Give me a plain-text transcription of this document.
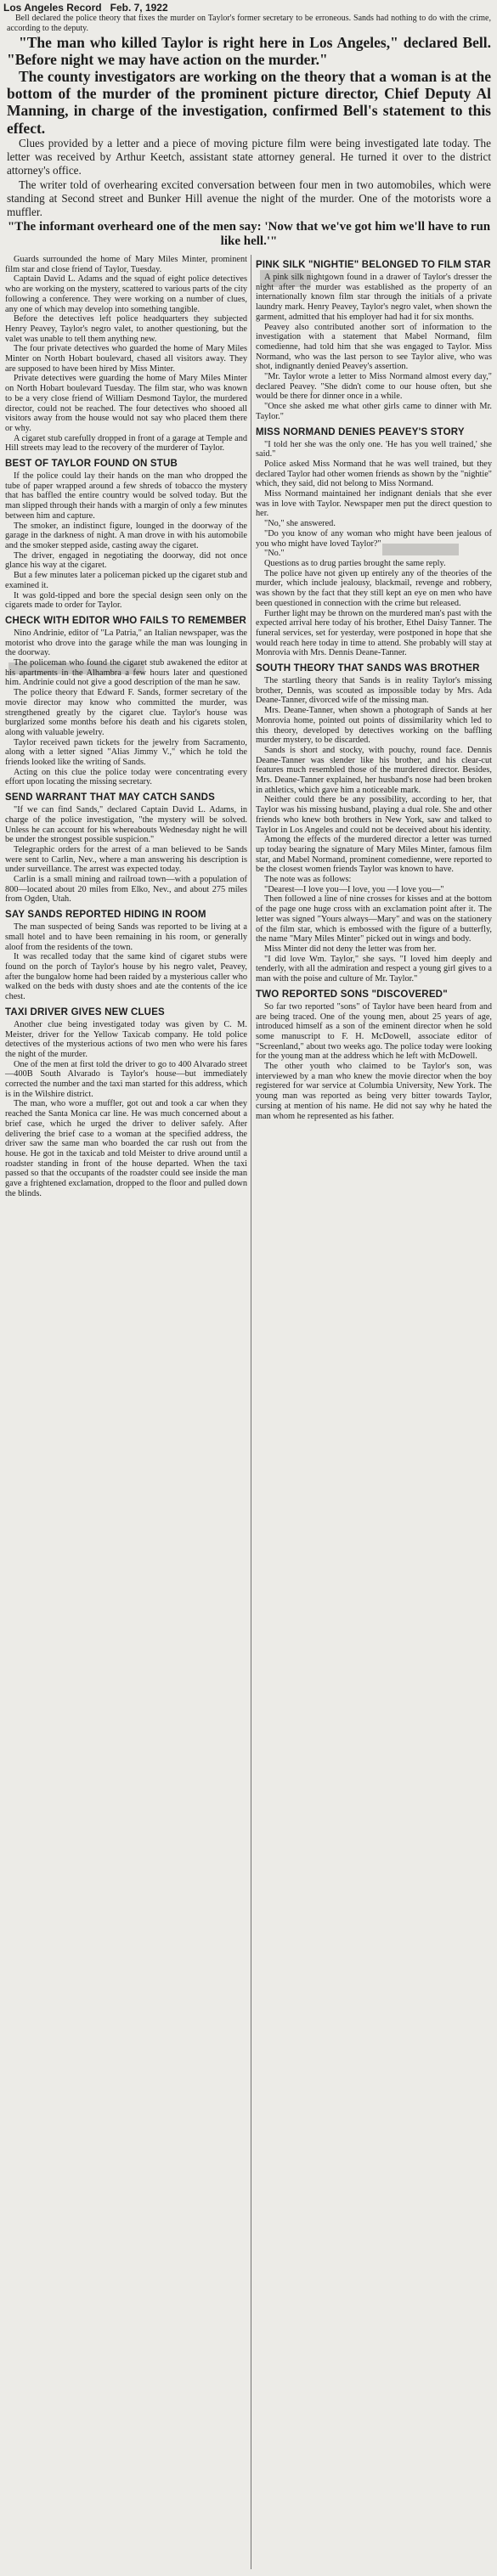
Los Angeles Record Feb. 7, 1922

Bell declared the police theory that fixes the murder on Taylor's former secretary to be erroneous. Sands had nothing to do with the crime, according to the deputy.

"The man who killed Taylor is right here in Los Angeles," declared Bell. "Before night we may have action on the murder."

The county investigators are working on the theory that a woman is at the bottom of the murder of the prominent picture director, Chief Deputy Al Manning, in charge of the investigation, confirmed Bell's statement to this effect.

Clues provided by a letter and a piece of moving picture film were being investigated late today. The letter was received by Arthur Keetch, assistant state attorney general. He turned it over to the district attorney's office.

The writer told of overhearing excited conversation between four men in two automobiles, which were standing at Second street and Bunker Hill avenue the night of the murder. One of the motorists wore a muffler.

"The informant overheard one of the men say: 'Now that we've got him we'll have to run like hell.'"

Guards surrounded the home of Mary Miles Minter, prominent film star and close friend of Taylor, Tuesday.

Captain David L. Adams and the squad of eight police detectives who are working on the mystery, scattered to various parts of the city following a conference. They were working on a number of clues, any one of which may develop into something tangible.

Before the detectives left police headquarters they subjected Henry Peavey, Taylor's negro valet, to another questioning, but the valet was unable to tell them anything new.

The four private detectives who guarded the home of Mary Miles Minter on North Hobart boulevard, chased all visitors away. They are supposed to have been hired by Miss Minter.

Private detectives were guarding the home of Mary Miles Minter on North Hobart boulevard Tuesday. The film star, who was known to be a very close friend of William Desmond Taylor, the murdered director, could not be reached. The four detectives who shooed all visitors away from the house would not say who placed them there or why.

A cigaret stub carefully dropped in front of a garage at Temple and Hill streets may lead to the recovery of the murderer of Taylor.

BEST OF TAYLOR FOUND ON STUB

If the police could lay their hands on the man who dropped the tube of paper wrapped around a few shreds of tobacco the mystery that has baffled the entire country would be solved today. But the man slipped through their hands with a margin of only a few minutes between him and capture.

The smoker, an indistinct figure, lounged in the doorway of the garage in the darkness of night. A man drove in with his automobile and the smoker stepped aside, casting away the cigaret.

The driver, engaged in negotiating the doorway, did not once glance his way at the cigaret.

But a few minutes later a policeman picked up the cigaret stub and examined it.

It was gold-tipped and bore the special design seen only on the cigarets made to order for Taylor.

CHECK WITH EDITOR WHO FAILS TO REMEMBER

Nino Andrinie, editor of "La Patria," an Italian newspaper, was the motorist who drove into the garage while the man was lounging in the doorway.

The policeman who found the cigaret stub awakened the editor at his apartments in the Alhambra a few hours later and questioned him. Andrinie could not give a good description of the man he saw.

The police theory that Edward F. Sands, former secretary of the movie director may know who committed the murder, was strengthened greatly by the cigaret clue. Taylor's house was burglarized some months before his death and his cigarets stolen, along with valuable jewelry.

Taylor received pawn tickets for the jewelry from Sacramento, along with a letter signed "Alias Jimmy V.," which he told the friends looked like the writing of Sands.

Acting on this clue the police today were concentrating every effort upon locating the missing secretary.

SEND WARRANT THAT MAY CATCH SANDS

"If we can find Sands," declared Captain David L. Adams, in charge of the police investigation, "the mystery will be solved. Unless he can account for his whereabouts Wednesday night he will be under the strongest possible suspicion."

Telegraphic orders for the arrest of a man believed to be Sands were sent to Carlin, Nev., where a man answering his description is under surveillance. The arrest was expected today.

Carlin is a small mining and railroad town—with a population of 800—located about 20 miles from Elko, Nev., and about 275 miles from Ogden, Utah.

SAY SANDS REPORTED HIDING IN ROOM

The man suspected of being Sands was reported to be living at a small hotel and to have been remaining in his room, or generally aloof from the residents of the town.

It was recalled today that the same kind of cigaret stubs were found on the porch of Taylor's house by his negro valet, Peavey, after the bungalow home had been raided by a mysterious caller who walked on the beds with dusty shoes and ate the contents of the ice chest.

TAXI DRIVER GIVES NEW CLUES

Another clue being investigated today was given by C. M. Meister, driver for the Yellow Taxicab company. He told police detectives of the mysterious actions of two men who were his fares the night of the murder.

One of the men at first told the driver to go to 400 Alvarado street—400B South Alvarado is Taylor's house—but immediately corrected the number and the taxi man started for this address, which is in the Wilshire district.

The man, who wore a muffler, got out and took a car when they reached the Santa Monica car line. He was much concerned about a brief case, which he urged the driver to deliver safely. After delivering the brief case to a woman at the specified address, the driver saw the same man who boarded the car rush out from the house. He got in the taxicab and told Meister to drive around until a roadster standing in front of the house departed. When the taxi passed so that the occupants of the roadster could see inside the man gave a frightened exclamation, dropped to the floor and pulled down the blinds.

PINK SILK "NIGHTIE" BELONGED TO FILM STAR

A pink silk nightgown found in a drawer of Taylor's dresser the night after the murder was established as the property of an internationally known film star through the initials of a private laundry mark. Henry Peavey, Taylor's negro valet, when shown the garment, admitted that his employer had had it for six months.

Peavey also contributed another sort of information to the investigation with a statement that Mabel Normand, film comedienne, had told him that she was engaged to Taylor. Miss Normand, who was the last person to see Taylor alive, who was shot, indignantly denied Peavey's assertion.

"Mr. Taylor wrote a letter to Miss Normand almost every day," declared Peavey. "She didn't come to our house often, but she would be there for dinner once in a while.

"Once she asked me what other girls came to dinner with Mr. Taylor."

MISS NORMAND DENIES PEAVEY'S STORY

"I told her she was the only one. 'He has you well trained,' she said."

Police asked Miss Normand that he was well trained, but they declared Taylor had other women friends as shown by the "nightie" which, they said, did not belong to Miss Normand.

Miss Normand maintained her indignant denials that she ever was in love with Taylor. Newspaper men put the direct question to her.

"No," she answered.

"Do you know of any woman who might have been jealous of you who might have loved Taylor?"

"No."

Questions as to drug parties brought the same reply.

The police have not given up entirely any of the theories of the murder, which include jealousy, blackmail, revenge and robbery, was shown by the fact that they still kept an eye on men who have been questioned in connection with the crime but released.

Further light may be thrown on the murdered man's past with the expected arrival here today of his brother, Ethel Daisy Tanner. The funeral services, set for yesterday, were postponed in hope that she would reach here today in time to attend. She probably will stay at Monrovia with Mrs. Dennis Deane-Tanner.

SOUTH THEORY THAT SANDS WAS BROTHER

The startling theory that Sands is in reality Taylor's missing brother, Dennis, was scouted as impossible today by Mrs. Ada Deane-Tanner, divorced wife of the missing man.

Mrs. Deane-Tanner, when shown a photograph of Sands at her Monrovia home, pointed out points of dissimilarity which led to this theory, developed by detectives working on the baffling murder mystery, to be discarded.

Sands is short and stocky, with pouchy, round face. Dennis Deane-Tanner was slender like his brother, and his clear-cut features much resembled those of the murdered director. Besides, Mrs. Deane-Tanner explained, her husband's nose had been broken in athletics, which gave him a noticeable mark.

Neither could there be any possibility, according to her, that Taylor was his missing husband, playing a dual role. She and other friends who knew both brothers in New York, saw and talked to Taylor in Los Angeles and could not be deceived about his identity.

Among the effects of the murdered director a letter was turned up today bearing the signature of Mary Miles Minter, famous film star, and Mabel Normand, prominent comedienne, were reported to be the closest women friends Taylor was known to have.

The note was as follows:

"Dearest—I love you—I love, you —I love you—"

Then followed a line of nine crosses for kisses and at the bottom of the page one huge cross with an exclamation point after it. The letter was signed "Yours always—Mary" and was on the stationery of the film star, which is embossed with the figure of a butterfly, the name "Mary Miles Minter" picked out in wings and body.

Miss Minter did not deny the letter was from her.

"I did love Wm. Taylor," she says. "I loved him deeply and tenderly, with all the admiration and respect a young girl gives to a man with the poise and culture of Mr. Taylor."

TWO REPORTED SONS "DISCOVERED"

So far two reported "sons" of Taylor have been heard from and are being traced. One of the young men, about 25 years of age, introduced himself as a son of the eminent director when he sold some manuscript to F. H. McDowell, associate editor of "Screenland," about two weeks ago. The police today were looking for the young man at the address which he left with McDowell.

The other youth who claimed to be Taylor's son, was interviewed by a man who knew the movie director when the boy registered for war service at Columbia University, New York. The young man was reported as being very bitter towards Taylor, cursing at mention of his name. He did not say why he hated the man whom he represented as his father.
